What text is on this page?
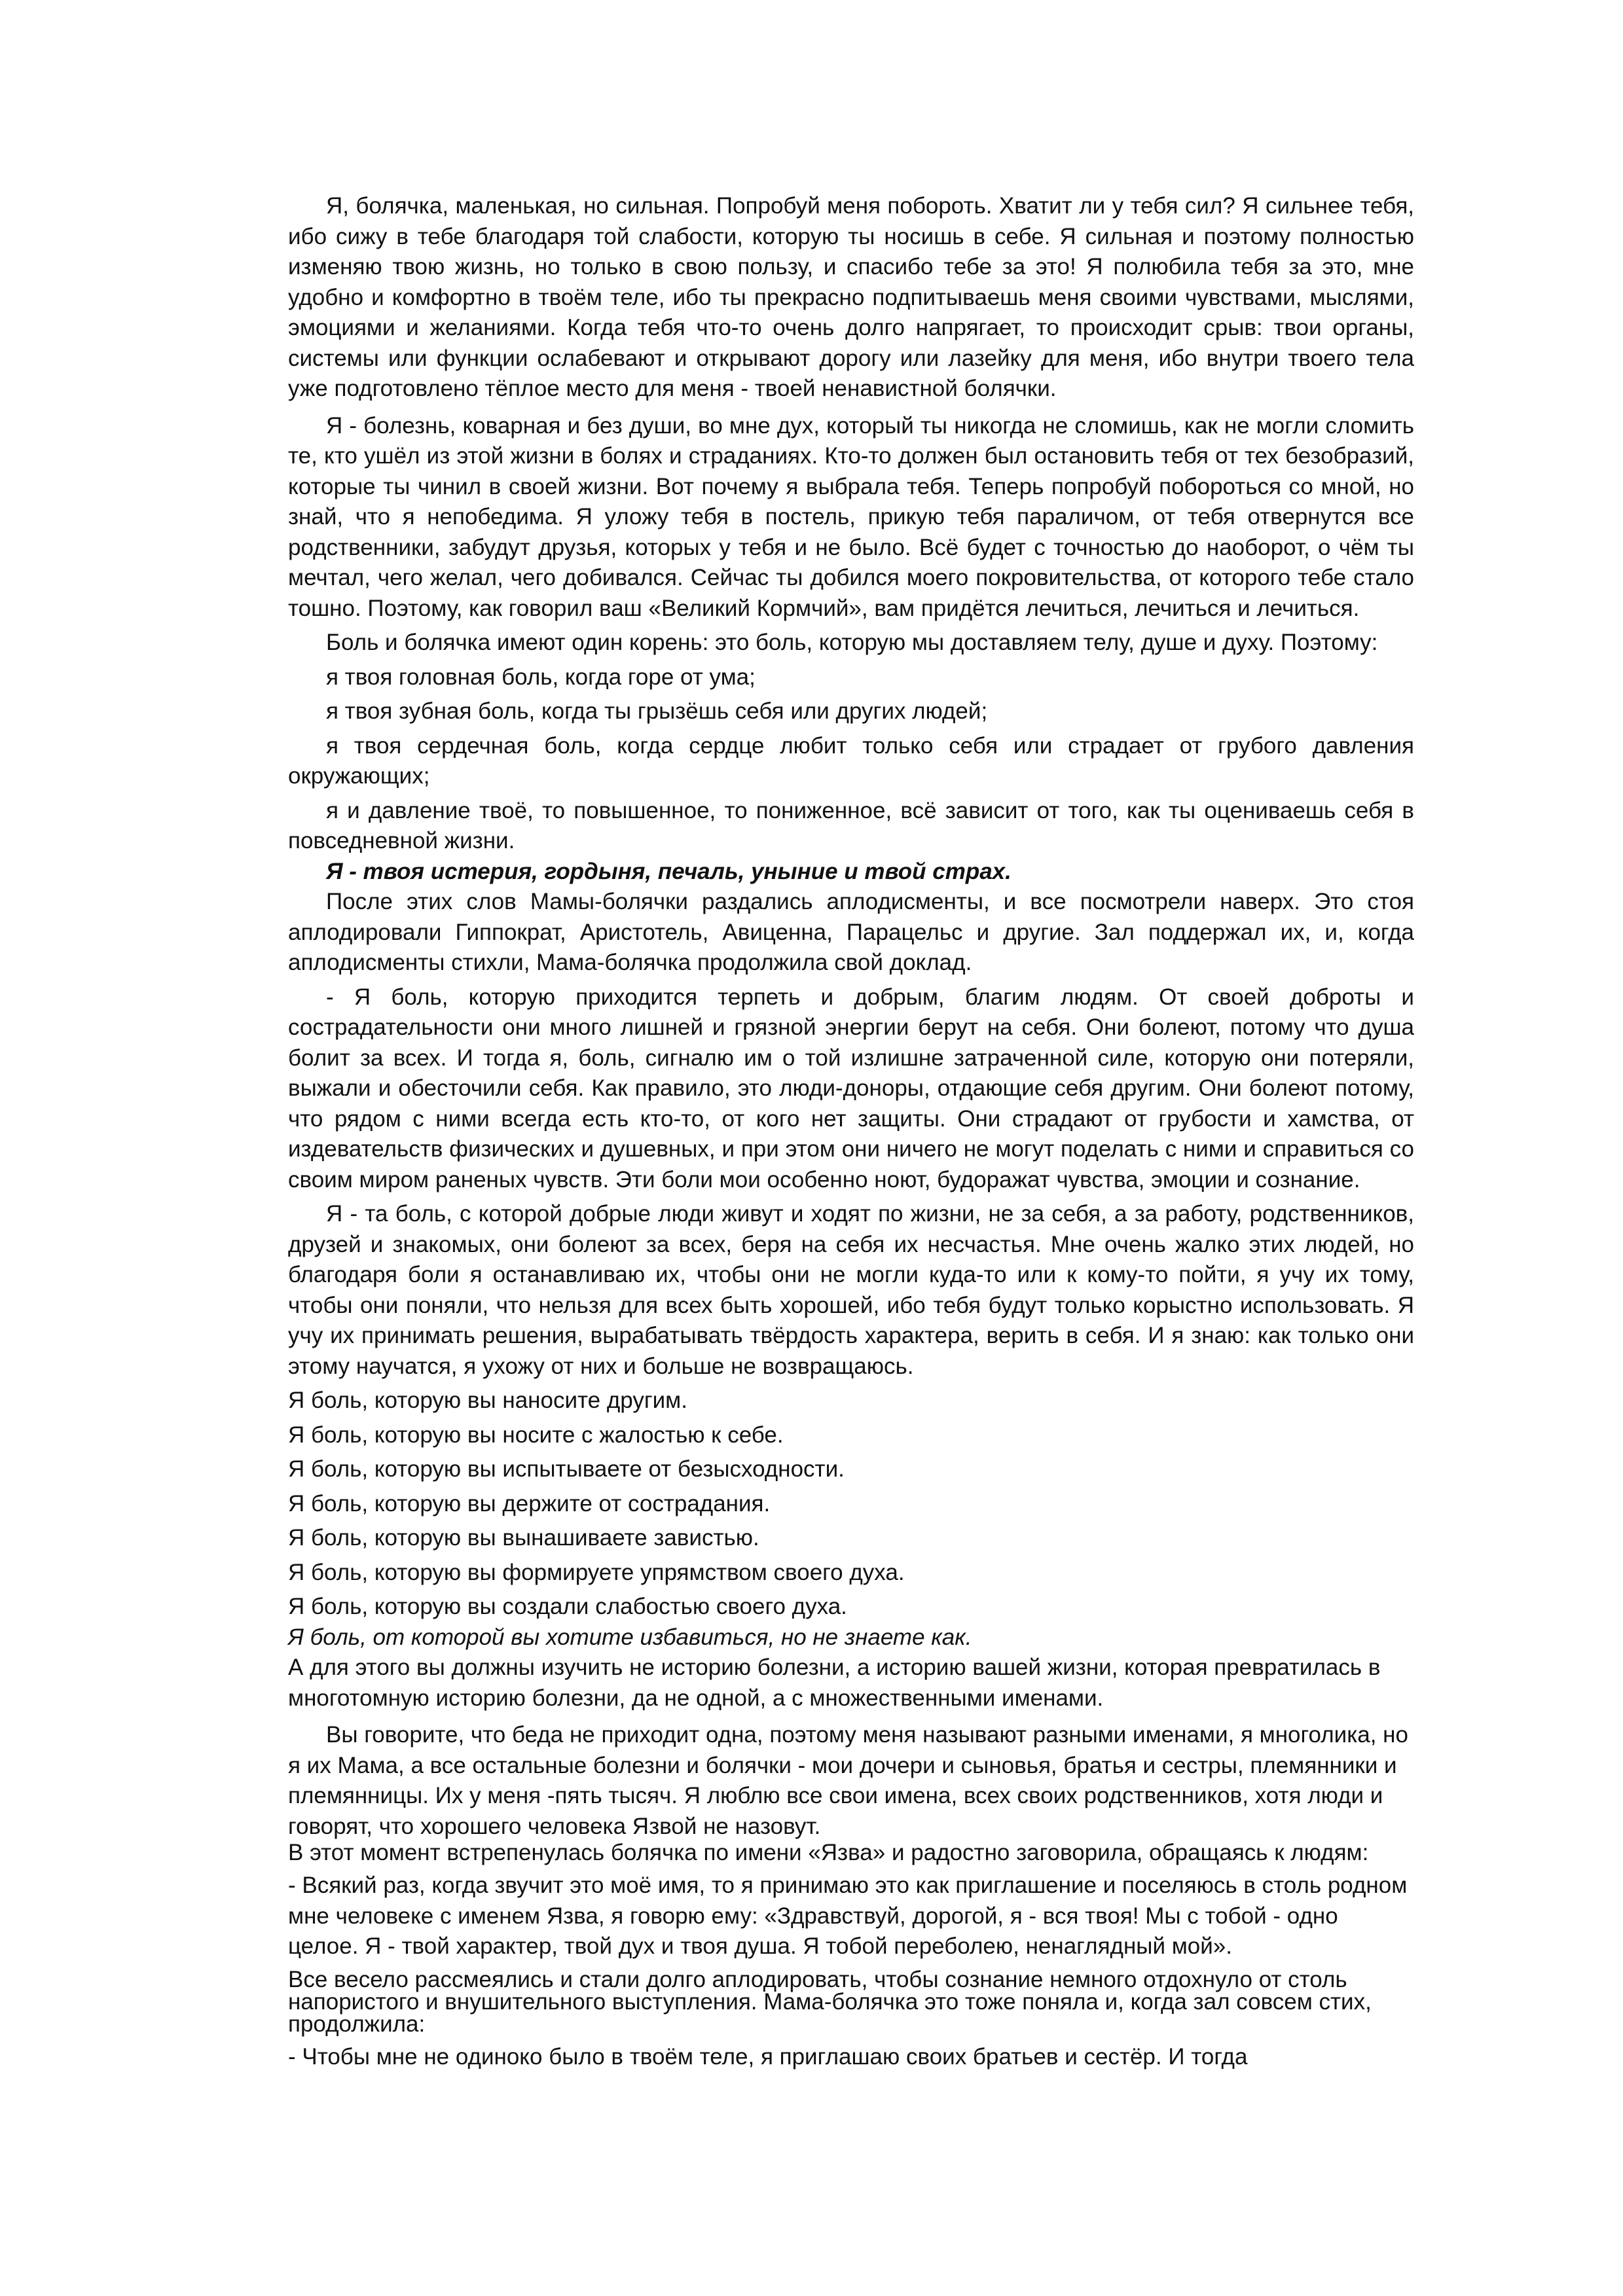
Я, болячка, маленькая, но сильная. Попробуй меня побороть. Хватит ли у тебя сил? Я сильнее тебя, ибо сижу в тебе благодаря той слабости, которую ты носишь в себе. Я сильная и поэтому полностью изменяю твою жизнь, но только в свою пользу, и спасибо тебе за это! Я полюбила тебя за это, мне удобно и комфортно в твоём теле, ибо ты прекрасно подпитываешь меня своими чувствами, мыслями, эмоциями и желаниями. Когда тебя что-то очень долго напрягает, то происходит срыв: твои органы, системы или функции ослабевают и открывают дорогу или лазейку для меня, ибо внутри твоего тела уже подготовлено тёплое место для меня - твоей ненавистной болячки.

Я - болезнь, коварная и без души, во мне дух, который ты никогда не сломишь, как не могли сломить те, кто ушёл из этой жизни в болях и страданиях. Кто-то должен был остановить тебя от тех безобразий, которые ты чинил в своей жизни. Вот почему я выбрала тебя. Теперь попробуй побороться со мной, но знай, что я непобедима. Я уложу тебя в постель, прикую тебя параличом, от тебя отвернутся все родственники, забудут друзья, которых у тебя и не было. Всё будет с точностью до наоборот, о чём ты мечтал, чего желал, чего добивался. Сейчас ты добился моего покровительства, от которого тебе стало тошно. Поэтому, как говорил ваш «Великий Кормчий», вам придётся лечиться, лечиться и лечиться.

Боль и болячка имеют один корень: это боль, которую мы доставляем телу, душе и духу. Поэтому:

я твоя головная боль, когда горе от ума;

я твоя зубная боль, когда ты грызёшь себя или других людей;

я твоя сердечная боль, когда сердце любит только себя или страдает от грубого давления окружающих;

я и давление твоё, то повышенное, то пониженное, всё зависит от того, как ты оцениваешь себя в повседневной жизни.

Я - твоя истерия, гордыня, печаль, уныние и твой страх.

После этих слов Мамы-болячки раздались аплодисменты, и все посмотрели наверх. Это стоя аплодировали Гиппократ, Аристотель, Авиценна, Парацельс и другие. Зал поддержал их, и, когда аплодисменты стихли, Мама-болячка продолжила свой доклад.

- Я боль, которую приходится терпеть и добрым, благим людям. От своей доброты и сострадательности они много лишней и грязной энергии берут на себя. Они болеют, потому что душа болит за всех. И тогда я, боль, сигналю им о той излишне затраченной силе, которую они потеряли, выжали и обесточили себя. Как правило, это люди-доноры, отдающие себя другим. Они болеют потому, что рядом с ними всегда есть кто-то, от кого нет защиты. Они страдают от грубости и хамства, от издевательств физических и душевных, и при этом они ничего не могут поделать с ними и справиться со своим миром раненых чувств. Эти боли мои особенно ноют, будоражат чувства, эмоции и сознание.

Я - та боль, с которой добрые люди живут и ходят по жизни, не за себя, а за работу, родственников, друзей и знакомых, они болеют за всех, беря на себя их несчастья. Мне очень жалко этих людей, но благодаря боли я останавливаю их, чтобы они не могли куда-то или к кому-то пойти, я учу их тому, чтобы они поняли, что нельзя для всех быть хорошей, ибо тебя будут только корыстно использовать. Я учу их принимать решения, вырабатывать твёрдость характера, верить в себя. И я знаю: как только они этому научатся, я ухожу от них и больше не возвращаюсь.

Я боль, которую вы наносите другим.

Я боль, которую вы носите с жалостью к себе.

Я боль, которую вы испытываете от безысходности.

Я боль, которую вы держите от сострадания.

Я боль, которую вы вынашиваете завистью.

Я боль, которую вы формируете упрямством своего духа.

Я боль, которую вы создали слабостью своего духа.

Я боль, от которой вы хотите избавиться, но не знаете как.

А для этого вы должны изучить не историю болезни, а историю вашей жизни, которая превратилась в многотомную историю болезни, да не одной, а с множественными именами.

Вы говорите, что беда не приходит одна, поэтому меня называют разными именами, я многолика, но я их Мама, а все остальные болезни и болячки - мои дочери и сыновья, братья и сестры, племянники и племянницы. Их у меня -пять тысяч. Я люблю все свои имена, всех своих родственников, хотя люди и говорят, что хорошего человека Язвой не назовут.

В этот момент встрепенулась болячка по имени «Язва» и радостно заговорила, обращаясь к людям:

- Всякий раз, когда звучит это моё имя, то я принимаю это как приглашение и поселяюсь в столь родном мне человеке с именем Язва, я говорю ему: «Здравствуй, дорогой, я - вся твоя! Мы с тобой - одно целое. Я - твой характер, твой дух и твоя душа. Я тобой переболею, ненаглядный мой».

Все весело рассмеялись и стали долго аплодировать, чтобы сознание немного отдохнуло от столь напористого и внушительного выступления. Мама-болячка это тоже поняла и, когда зал совсем стих, продолжила:

- Чтобы мне не одиноко было в твоём теле, я приглашаю своих братьев и сестёр. И тогда
